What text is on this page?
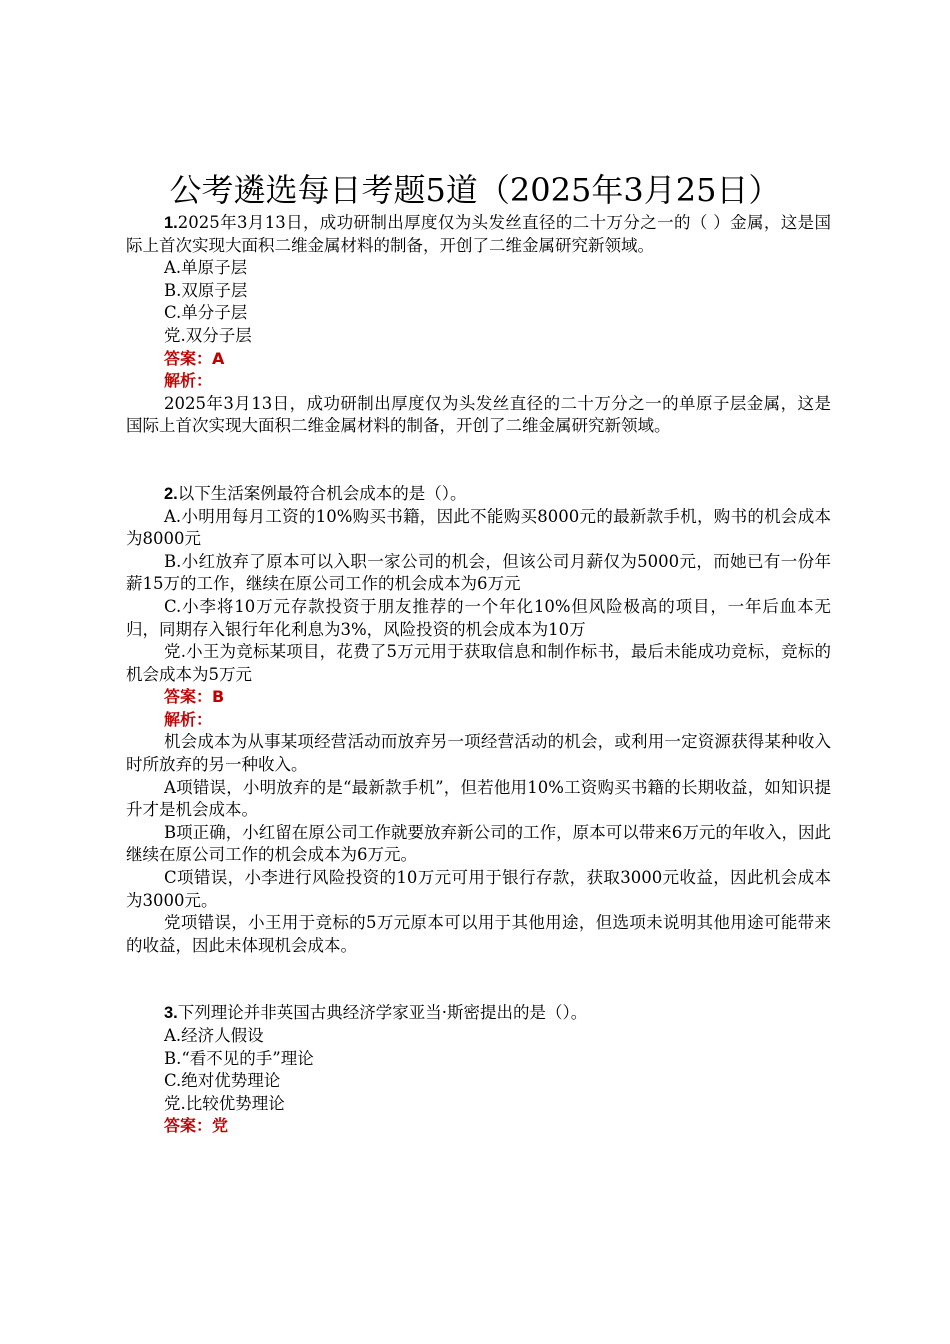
公考遴选每日考题5道（2025年3月25日）

1.2025年3月13日，成功研制出厚度仅为头发丝直径的二十万分之一的（ ）金属，这是国际上首次实现大面积二维金属材料的制备，开创了二维金属研究新领域。

A.单原子层

B.双原子层

C.单分子层

党.双分子层

答案：A

解析：

2025年3月13日，成功研制出厚度仅为头发丝直径的二十万分之一的单原子层金属，这是国际上首次实现大面积二维金属材料的制备，开创了二维金属研究新领域。

2.以下生活案例最符合机会成本的是（）。

A.小明用每月工资的10%购买书籍，因此不能购买8000元的最新款手机，购书的机会成本为8000元

B.小红放弃了原本可以入职一家公司的机会，但该公司月薪仅为5000元，而她已有一份年薪15万的工作，继续在原公司工作的机会成本为6万元

C.小李将10万元存款投资于朋友推荐的一个年化10%但风险极高的项目，一年后血本无归，同期存入银行年化利息为3%，风险投资的机会成本为10万

党.小王为竞标某项目，花费了5万元用于获取信息和制作标书，最后未能成功竞标，竞标的机会成本为5万元

答案：B

解析：

机会成本为从事某项经营活动而放弃另一项经营活动的机会，或利用一定资源获得某种收入时所放弃的另一种收入。

A项错误，小明放弃的是“最新款手机”，但若他用10%工资购买书籍的长期收益，如知识提升才是机会成本。

B项正确，小红留在原公司工作就要放弃新公司的工作，原本可以带来6万元的年收入，因此继续在原公司工作的机会成本为6万元。

C项错误，小李进行风险投资的10万元可用于银行存款，获取3000元收益，因此机会成本为3000元。

党项错误，小王用于竞标的5万元原本可以用于其他用途，但选项未说明其他用途可能带来的收益，因此未体现机会成本。

3.下列理论并非英国古典经济学家亚当·斯密提出的是（）。

A.经济人假设

B.“看不见的手”理论

C.绝对优势理论

党.比较优势理论

答案：党
